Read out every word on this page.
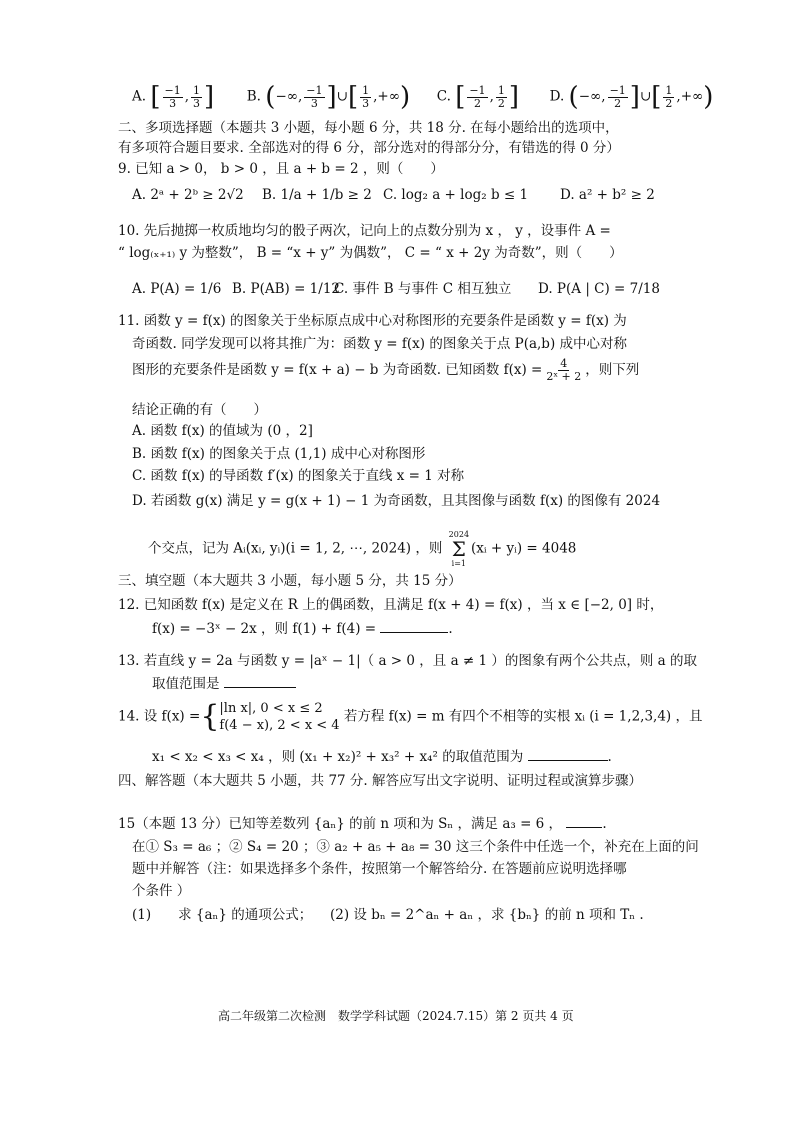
A. [ $\frac{-1}{3}$ , $\frac{1}{3}$ ] B. (−∞, $\frac{-1}{3}$ ]∪[ $\frac{1}{3}$ ,+∞) C. [ $\frac{-1}{2}$ , $\frac{1}{2}$ ] D. (−∞, $\frac{-1}{2}$ ]∪[ $\frac{1}{2}$ ,+∞)
二、多项选择题（本题共 3 小题，每小题 6 分，共 18 分. 在每小题给出的选项中，
有多项符合题目要求. 全部选对的得 6 分，部分选对的得部分分，有错选的得 0 分）
9. 已知 a > 0， b > 0 ，且 a + b = 2 ，则（　　）
A. 2ᵃ + 2ᵇ ≥ 2√2 B. 1/a + 1/b ≥ 2 C. log₂ a + log₂ b ≤ 1 D. a² + b² ≥ 2
10. 先后抛掷一枚质地均匀的骰子两次，记向上的点数分别为 x ， y ，设事件 A =
“ log₍ₓ₊₁₎ y 为整数”， B = “x + y” 为偶数”， C = “ x + 2y 为奇数”，则（　　）
A. P(A) = 1/6 B. P(AB) = 1/12
C. 事件 B 与事件 C 相互独立 D. P(A | C) = 7/18
11. 函数 y = f(x) 的图象关于坐标原点成中心对称图形的充要条件是函数 y = f(x) 为
奇函数. 同学发现可以将其推广为：函数 y = f(x) 的图象关于点 P(a,b) 成中心对称
图形的充要条件是函数 y = f(x + a) − b 为奇函数. 已知函数 $f(x) = \frac{4}{\text{2ˣ + 2}}$ ，则下列
结论正确的有（　　）
A. 函数 f(x) 的值域为 (0 ，2]
B. 函数 f(x) 的图象关于点 (1,1) 成中心对称图形
C. 函数 f(x) 的导函数 f′(x) 的图象关于直线 x = 1 对称
D. 若函数 g(x) 满足 y = g(x + 1) − 1 为奇函数，且其图像与函数 f(x) 的图像有 2024
个交点，记为 Aᵢ(xᵢ, yᵢ)(i = 1, 2, ⋯, 2024) ，则
2024
Σ
i=1
(xᵢ + yᵢ) = 4048
三、填空题（本大题共 3 小题，每小题 5 分，共 15 分）
12. 已知函数 f(x) 是定义在 R 上的偶函数，且满足 f(x + 4) = f(x) ，当 x ∈ [−2, 0] 时，
f(x) = −3ˣ − 2x ，则 f(1) + f(4) =	.
13. 若直线 y = 2a 与函数 y = |aˣ − 1|（ a > 0 ，且 a ≠ 1 ）的图象有两个公共点，则 a 的取
取值范围是
14. 设 f(x) ={ |ln x|, 0 < x ≤ 2
f(4 − x), 2 < x < 4
若方程 f(x) = m 有四个不相等的实根 xᵢ (i = 1,2,3,4) ，且
x₁ < x₂ < x₃ < x₄ ，则 (x₁ + x₂)² + x₃² + x₄² 的取值范围为	.
四、解答题（本大题共 5 小题，共 77 分. 解答应写出文字说明、证明过程或演算步骤）
15（本题 13 分）已知等差数列 {aₙ} 的前 n 项和为 Sₙ ，满足 a₃ = 6 ，	.
在① S₃ = a₆ ；② S₄ = 20 ；③ a₂ + a₅ + a₈ = 30 这三个条件中任选一个，补充在上面的问
题中并解答（注：如果选择多个条件，按照第一个解答给分. 在答题前应说明选择哪
个条件 ）
(1)　　求 {aₙ} 的通项公式； (2) 设 bₙ = 2^aₙ + aₙ ，求 {bₙ} 的前 n 项和 Tₙ .
高二年级第二次检测　数学学科试题（2024.7.15）第 2 页共 4 页
